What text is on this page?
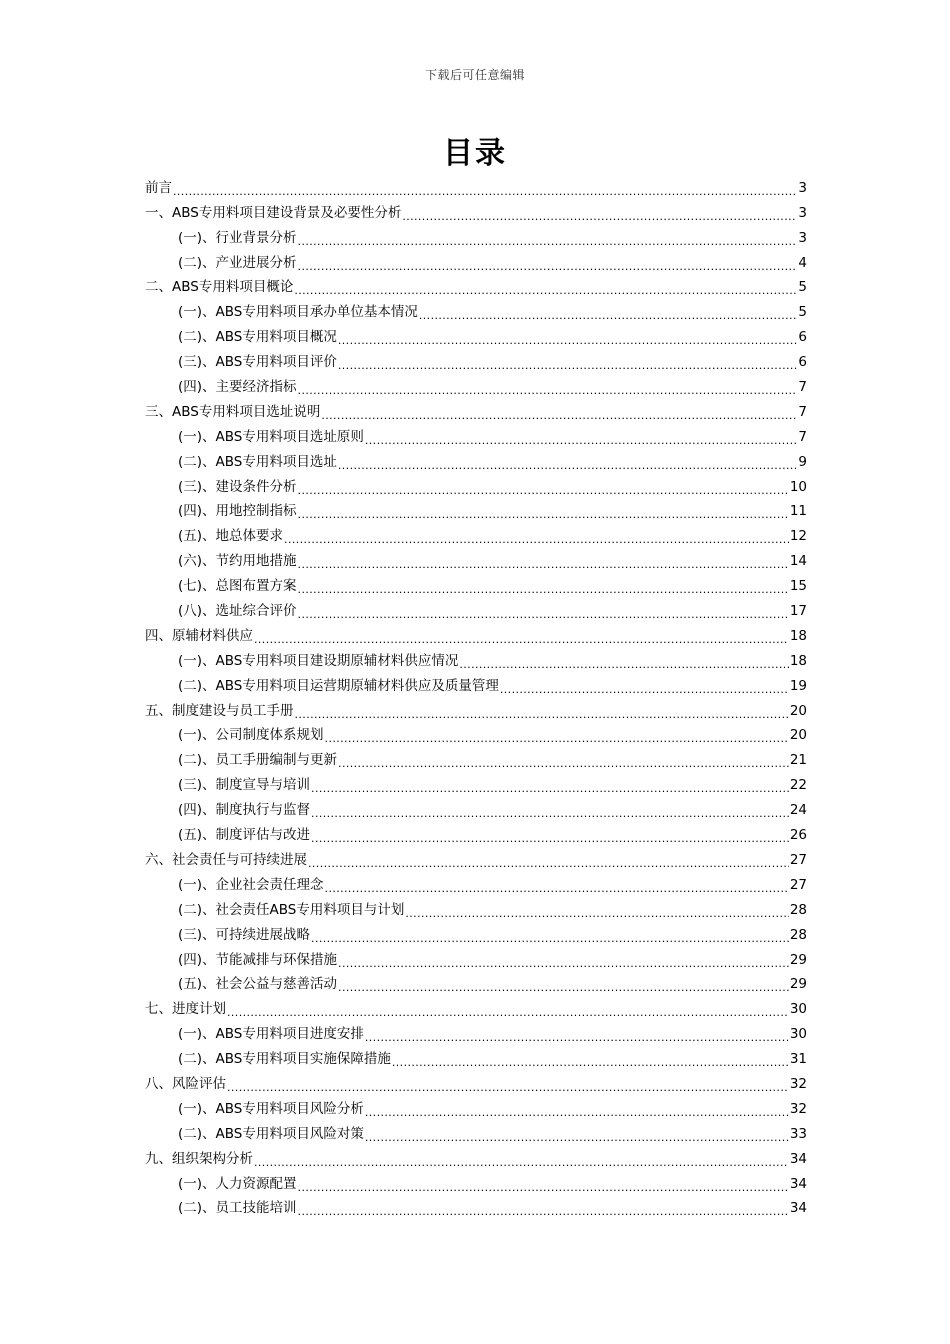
下载后可任意编辑
目录
前言 .....	3
一、ABS专用料项目建设背景及必要性分析 .....	3
(一)、行业背景分析 .....	3
(二)、产业进展分析 .....	4
二、ABS专用料项目概论 .....	5
(一)、ABS专用料项目承办单位基本情况 .....	5
(二)、ABS专用料项目概况 .....	6
(三)、ABS专用料项目评价 .....	6
(四)、主要经济指标 .....	7
三、ABS专用料项目选址说明 .....	7
(一)、ABS专用料项目选址原则 .....	7
(二)、ABS专用料项目选址 .....	9
(三)、建设条件分析 .....	10
(四)、用地控制指标 .....	11
(五)、地总体要求 .....	12
(六)、节约用地措施 .....	14
(七)、总图布置方案 .....	15
(八)、选址综合评价 .....	17
四、原辅材料供应 .....	18
(一)、ABS专用料项目建设期原辅材料供应情况 .....	18
(二)、ABS专用料项目运营期原辅材料供应及质量管理 .....	19
五、制度建设与员工手册 .....	20
(一)、公司制度体系规划 .....	20
(二)、员工手册编制与更新 .....	21
(三)、制度宣导与培训 .....	22
(四)、制度执行与监督 .....	24
(五)、制度评估与改进 .....	26
六、社会责任与可持续进展 .....	27
(一)、企业社会责任理念 .....	27
(二)、社会责任ABS专用料项目与计划 .....	28
(三)、可持续进展战略 .....	28
(四)、节能减排与环保措施 .....	29
(五)、社会公益与慈善活动 .....	29
七、进度计划 .....	30
(一)、ABS专用料项目进度安排 .....	30
(二)、ABS专用料项目实施保障措施 .....	31
八、风险评估 .....	32
(一)、ABS专用料项目风险分析 .....	32
(二)、ABS专用料项目风险对策 .....	33
九、组织架构分析 .....	34
(一)、人力资源配置 .....	34
(二)、员工技能培训 .....	34
